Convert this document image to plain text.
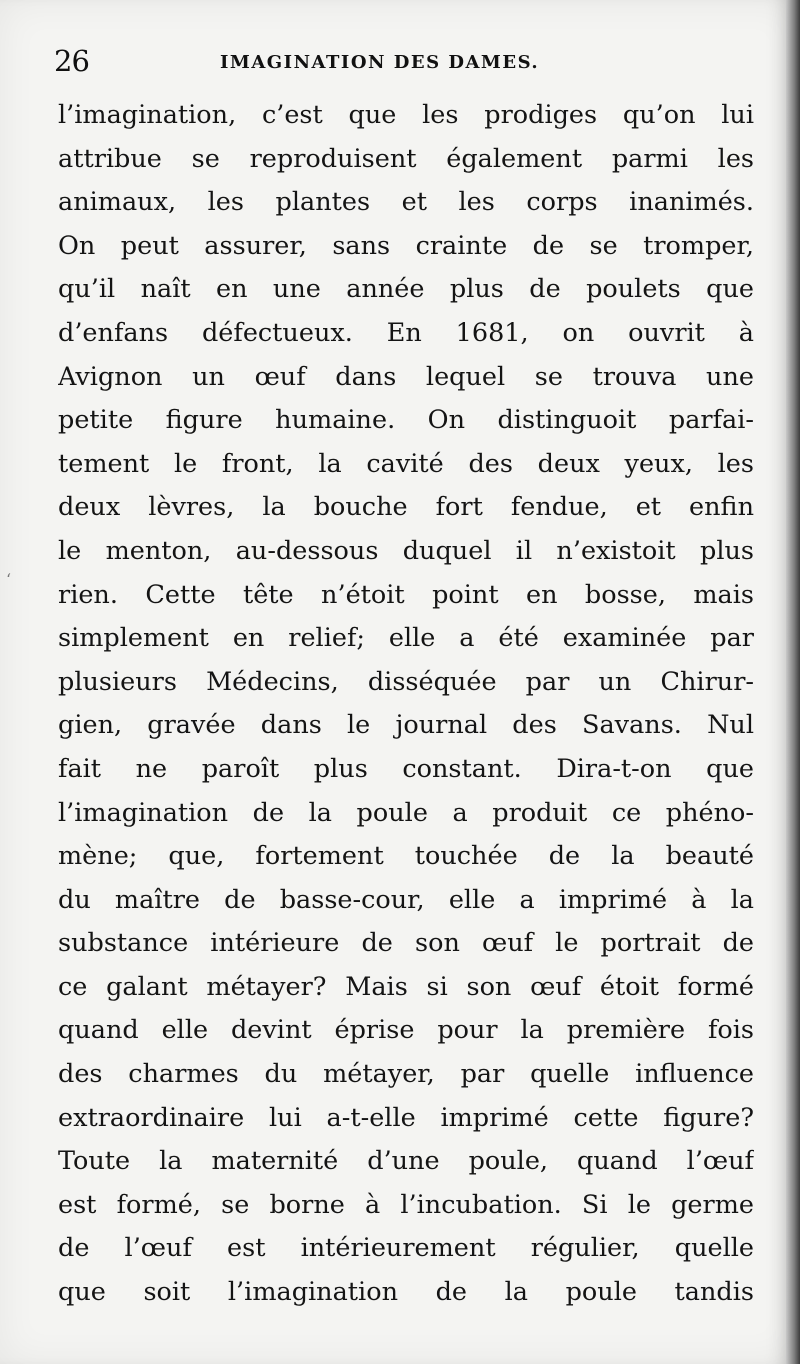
26	IMAGINATION DES DAMES.
ʻ
l’imagination, c’est que les prodiges qu’on lui
attribue se reproduisent également parmi les
animaux, les plantes et les corps inanimés.
On peut assurer, sans crainte de se tromper,
qu’il naît en une année plus de poulets que
d’enfans défectueux. En 1681, on ouvrit à
Avignon un œuf dans lequel se trouva une
petite figure humaine. On distinguoit parfai-
tement le front, la cavité des deux yeux, les
deux lèvres, la bouche fort fendue, et enfin
le menton, au-dessous duquel il n’existoit plus
rien. Cette tête n’étoit point en bosse, mais
simplement en relief; elle a été examinée par
plusieurs Médecins, disséquée par un Chirur-
gien, gravée dans le journal des Savans. Nul
fait ne paroît plus constant. Dira-t-on que
l’imagination de la poule a produit ce phéno-
mène; que, fortement touchée de la beauté
du maître de basse-cour, elle a imprimé à la
substance intérieure de son œuf le portrait de
ce galant métayer? Mais si son œuf étoit formé
quand elle devint éprise pour la première fois
des charmes du métayer, par quelle influence
extraordinaire lui a-t-elle imprimé cette figure?
Toute la maternité d’une poule, quand l’œuf
est formé, se borne à l’incubation. Si le germe
de l’œuf est intérieurement régulier, quelle
que soit l’imagination de la poule tandis
